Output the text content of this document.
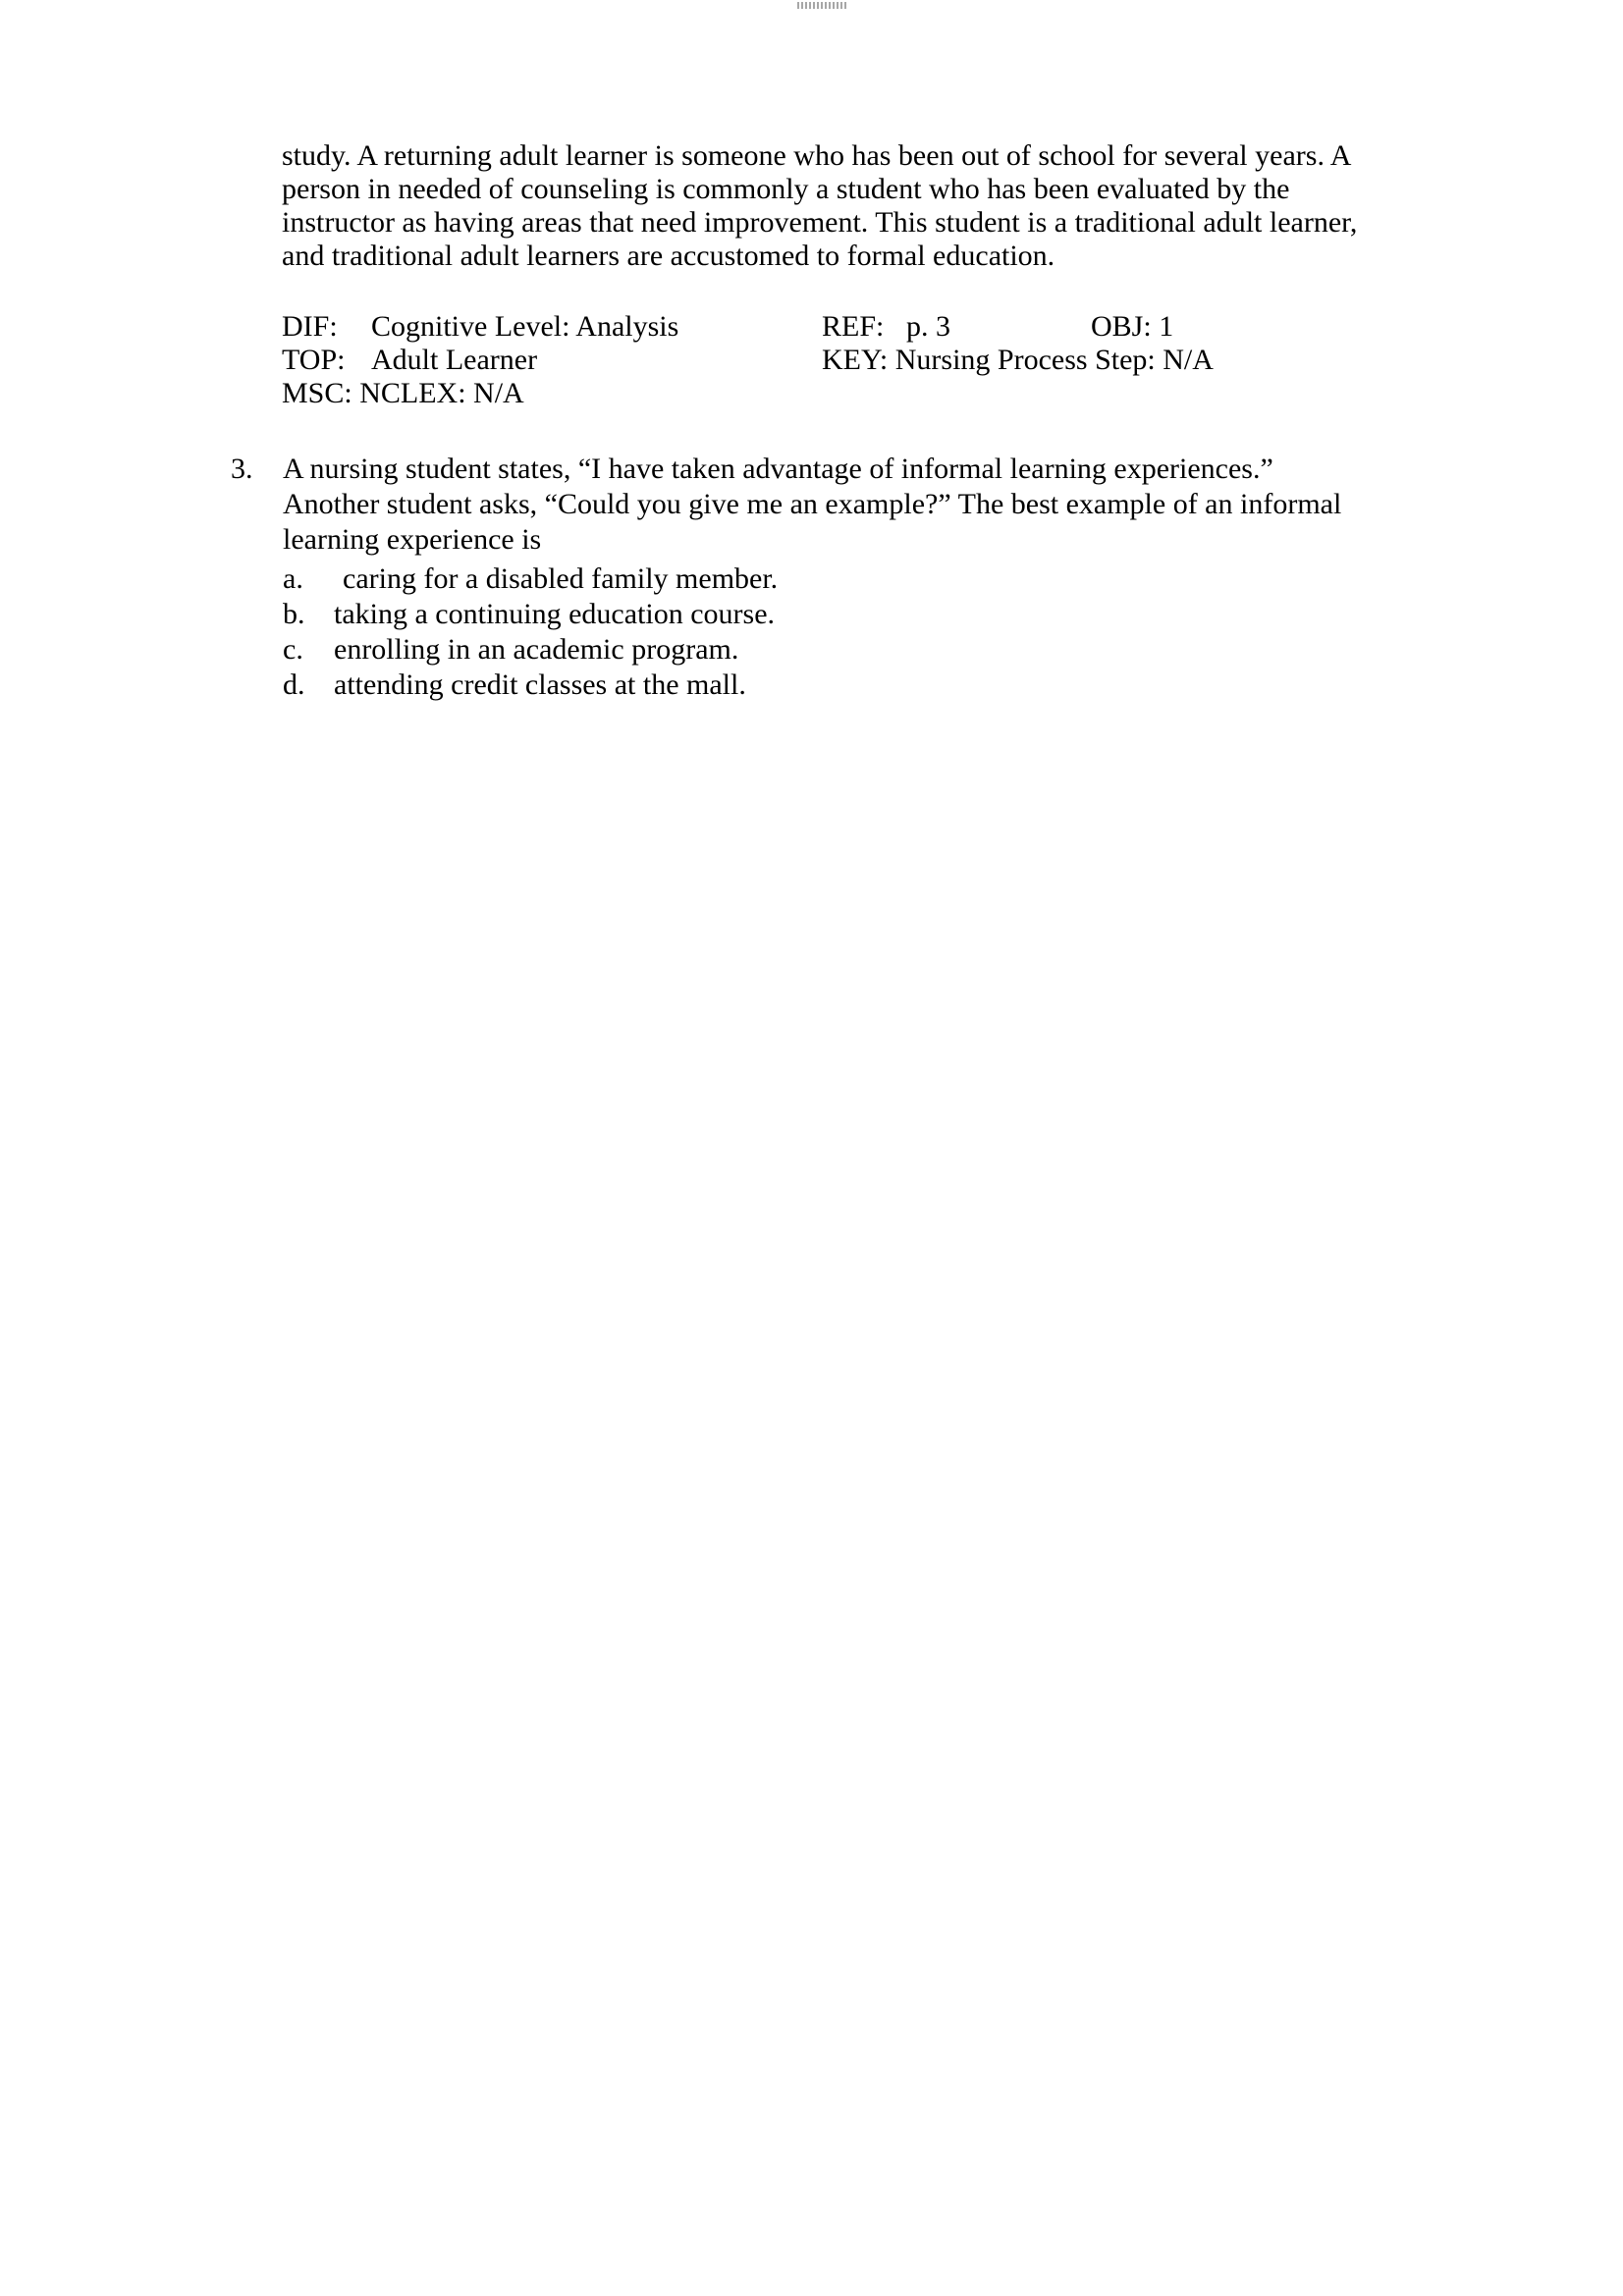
study. A returning adult learner is someone who has been out of school for several years. A
person in needed of counseling is commonly a student who has been evaluated by the
instructor as having areas that need improvement. This student is a traditional adult learner,
and traditional adult learners are accustomed to formal education.
DIF: Cognitive Level: Analysis	REF: p. 3	OBJ: 1
TOP: Adult Learner	KEY: Nursing Process Step: N/A
MSC: NCLEX: N/A
3. A nursing student states, “I have taken advantage of informal learning experiences.”
Another student asks, “Could you give me an example?” The best example of an informal
learning experience is
a. caring for a disabled family member.
b. taking a continuing education course.
c. enrolling in an academic program.
d. attending credit classes at the mall.
